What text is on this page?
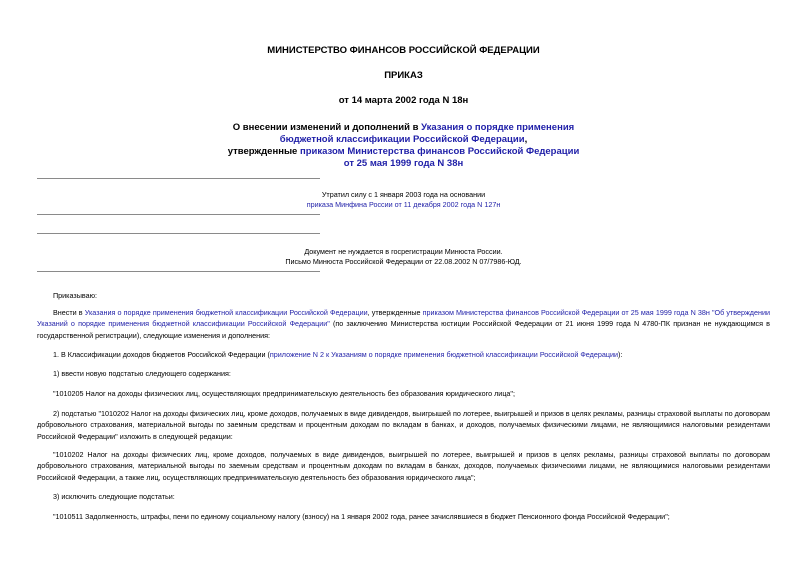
МИНИСТЕРСТВО ФИНАНСОВ РОССИЙСКОЙ ФЕДЕРАЦИИ
ПРИКАЗ
от 14 марта 2002 года N 18н
О внесении изменений и дополнений в Указания о порядке применения
бюджетной классификации Российской Федерации,
утвержденные приказом Министерства финансов Российской Федерации
от 25 мая 1999 года N 38н
Утратил силу с 1 января 2003 года на основании
приказа Минфина России от 11 декабря 2002 года N 127н
Документ не нуждается в госрегистрации Минюста России.
Письмо Минюста Российской Федерации от 22.08.2002 N 07/7986-ЮД.
Приказываю:
Внести в Указания о порядке применения бюджетной классификации Российской Федерации, утвержденные приказом Министерства финансов Российской Федерации от 25 мая 1999 года N 38н "Об утверждении Указаний о порядке применения бюджетной классификации Российской Федерации" (по заключению Министерства юстиции Российской Федерации от 21 июня 1999 года N 4780-ПК признан не нуждающимся в государственной регистрации), следующие изменения и дополнения:
1. В Классификации доходов бюджетов Российской Федерации (приложение N 2 к Указаниям о порядке применения бюджетной классификации Российской Федерации):
1) ввести новую подстатью следующего содержания:
"1010205 Налог на доходы физических лиц, осуществляющих предпринимательскую деятельность без образования юридического лица";
2) подстатью "1010202 Налог на доходы физических лиц, кроме доходов, получаемых в виде дивидендов, выигрышей по лотерее, выигрышей и призов в целях рекламы, разницы страховой выплаты по договорам добровольного страхования, материальной выгоды по заемным средствам и процентным доходам по вкладам в банках, и доходов, получаемых физическими лицами, не являющимися налоговыми резидентами Российской Федерации" изложить в следующей редакции:
"1010202 Налог на доходы физических лиц, кроме доходов, получаемых в виде дивидендов, выигрышей по лотерее, выигрышей и призов в целях рекламы, разницы страховой выплаты по договорам добровольного страхования, материальной выгоды по заемным средствам и процентным доходам по вкладам в банках, доходов, получаемых физическими лицами, не являющимися налоговыми резидентами Российской Федерации, а также лиц, осуществляющих предпринимательскую деятельность без образования юридического лица";
3) исключить следующие подстатьи:
"1010511 Задолженность, штрафы, пени по единому социальному налогу (взносу) на 1 января 2002 года, ранее зачислявшиеся в бюджет Пенсионного фонда Российской Федерации";
